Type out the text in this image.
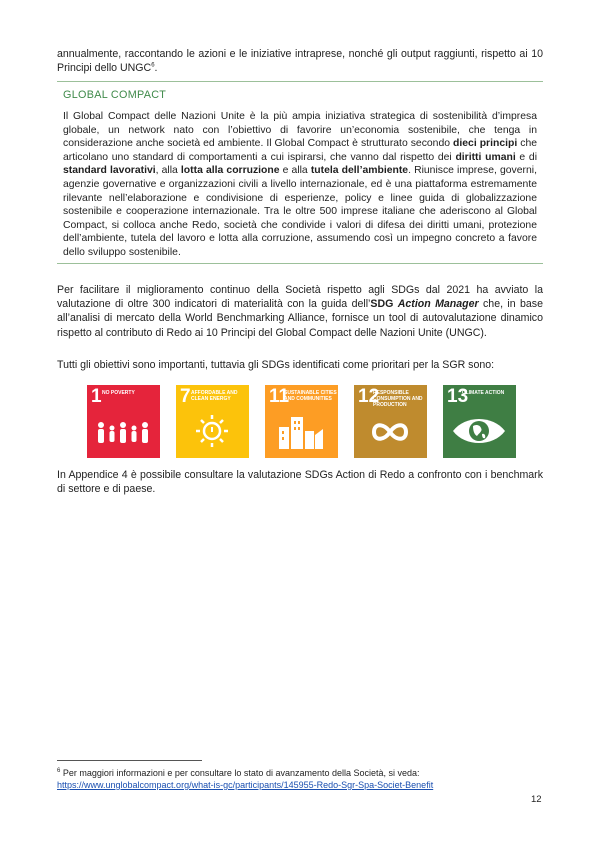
annualmente, raccontando le azioni e le iniziative intraprese, nonché gli output raggiunti, rispetto ai 10 Principi dello UNGC$^6$.
GLOBAL COMPACT
Il Global Compact delle Nazioni Unite è la più ampia iniziativa strategica di sostenibilità d’impresa globale, un network nato con l’obiettivo di favorire un’economia sostenibile, che tenga in considerazione anche società ed ambiente. Il Global Compact è strutturato secondo dieci principi che articolano uno standard di comportamenti a cui ispirarsi, che vanno dal rispetto dei diritti umani e di standard lavorativi, alla lotta alla corruzione e alla tutela dell’ambiente. Riunisce imprese, governi, agenzie governative e organizzazioni civili a livello internazionale, ed è una piattaforma estremamente rilevante nell’elaborazione e condivisione di esperienze, policy e linee guida di globalizzazione sostenibile e cooperazione internazionale. Tra le oltre 500 imprese italiane che aderiscono al Global Compact, si colloca anche Redo, società che condivide i valori di difesa dei diritti umani, protezione dell’ambiente, tutela del lavoro e lotta alla corruzione, assumendo così un impegno concreto a favore dello sviluppo sostenibile.
Per facilitare il miglioramento continuo della Società rispetto agli SDGs dal 2021 ha avviato la valutazione di oltre 300 indicatori di materialità con la guida dell’SDG Action Manager che, in base all’analisi di mercato della World Benchmarking Alliance, fornisce un tool di autovalutazione dinamico rispetto al contributo di Redo ai 10 Principi del Global Compact delle Nazioni Unite (UNGC).
Tutti gli obiettivi sono importanti, tuttavia gli SDGs identificati come prioritari per la SGR sono:
1 NO POVERTY	7 AFFORDABLE AND CLEAN ENERGY	11
SUSTAINABLE CITIES AND COMMUNITIES	12
RESPONSIBLE CONSUMPTION AND PRODUCTION	13
CLIMATE ACTION
In Appendice 4 è possibile consultare la valutazione SDGs Action di Redo a confronto con i benchmark di settore e di paese.
$^6$ Per maggiori informazioni e per consultare lo stato di avanzamento della Società, si veda:
https://www.unglobalcompact.org/what-is-gc/participants/145955-Redo-Sgr-Spa-Societ-Benefit
12
